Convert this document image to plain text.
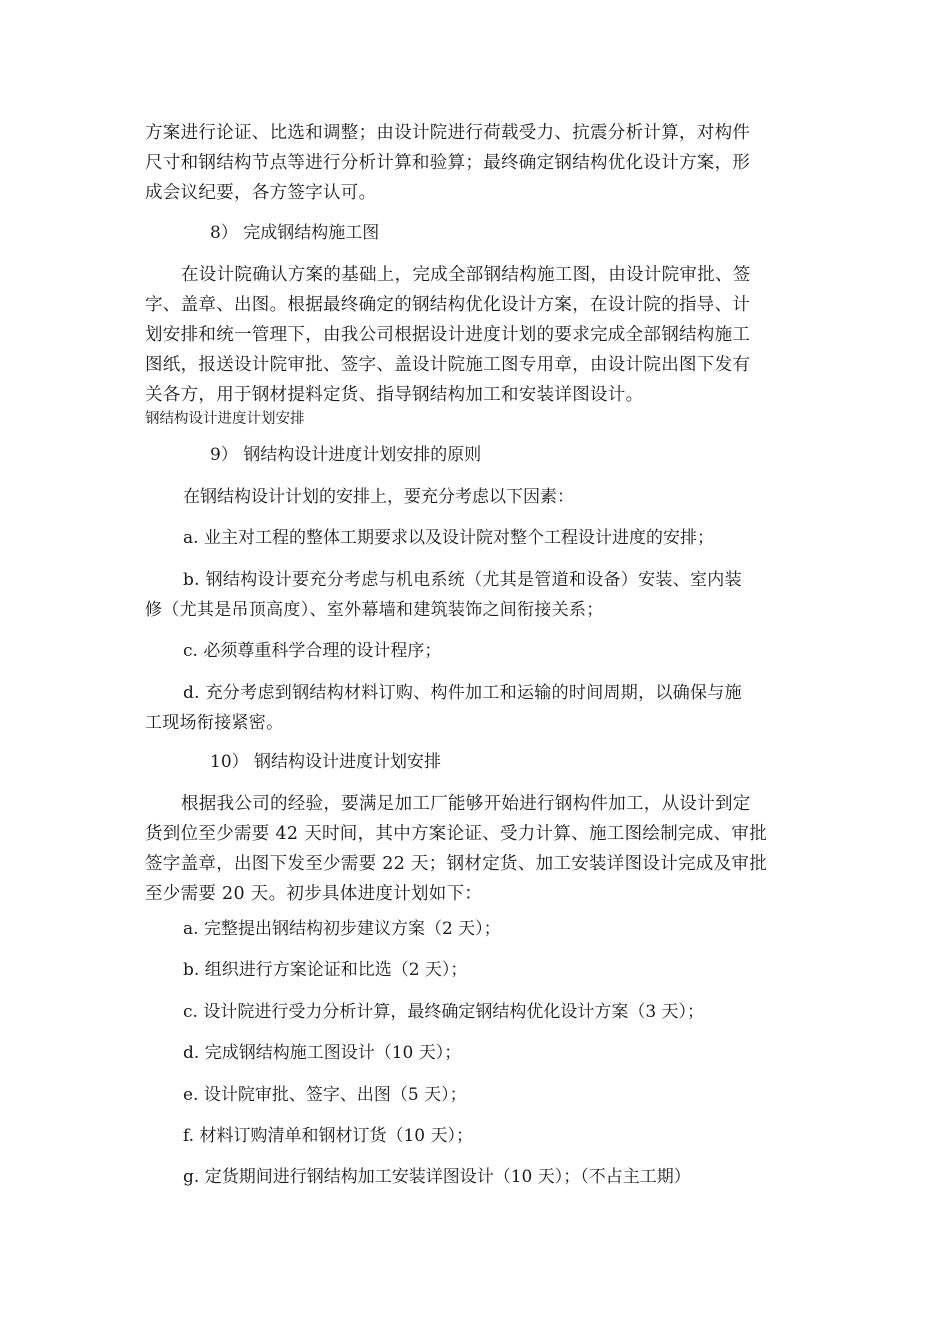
方案进行论证、比选和调整；由设计院进行荷载受力、抗震分析计算，对构件
尺寸和钢结构节点等进行分析计算和验算；最终确定钢结构优化设计方案，形
成会议纪要，各方签字认可。
8） 完成钢结构施工图
在设计院确认方案的基础上，完成全部钢结构施工图，由设计院审批、签
字、盖章、出图。根据最终确定的钢结构优化设计方案，在设计院的指导、计
划安排和统一管理下，由我公司根据设计进度计划的要求完成全部钢结构施工
图纸，报送设计院审批、签字、盖设计院施工图专用章，由设计院出图下发有
关各方，用于钢材提料定货、指导钢结构加工和安装详图设计。
钢结构设计进度计划安排
9） 钢结构设计进度计划安排的原则
在钢结构设计计划的安排上，要充分考虑以下因素：
a. 业主对工程的整体工期要求以及设计院对整个工程设计进度的安排；
b. 钢结构设计要充分考虑与机电系统（尤其是管道和设备）安装、室内装
修（尤其是吊顶高度）、室外幕墙和建筑装饰之间衔接关系；
c. 必须尊重科学合理的设计程序；
d. 充分考虑到钢结构材料订购、构件加工和运输的时间周期，以确保与施
工现场衔接紧密。
10） 钢结构设计进度计划安排
根据我公司的经验，要满足加工厂能够开始进行钢构件加工，从设计到定
货到位至少需要 42 天时间，其中方案论证、受力计算、施工图绘制完成、审批
签字盖章，出图下发至少需要 22 天；钢材定货、加工安装详图设计完成及审批
至少需要 20 天。初步具体进度计划如下：
a. 完整提出钢结构初步建议方案（2 天）；
b. 组织进行方案论证和比选（2 天）；
c. 设计院进行受力分析计算，最终确定钢结构优化设计方案（3 天）；
d. 完成钢结构施工图设计（10 天）；
e. 设计院审批、签字、出图（5 天）；
f. 材料订购清单和钢材订货（10 天）；
g. 定货期间进行钢结构加工安装详图设计（10 天）；（不占主工期）
